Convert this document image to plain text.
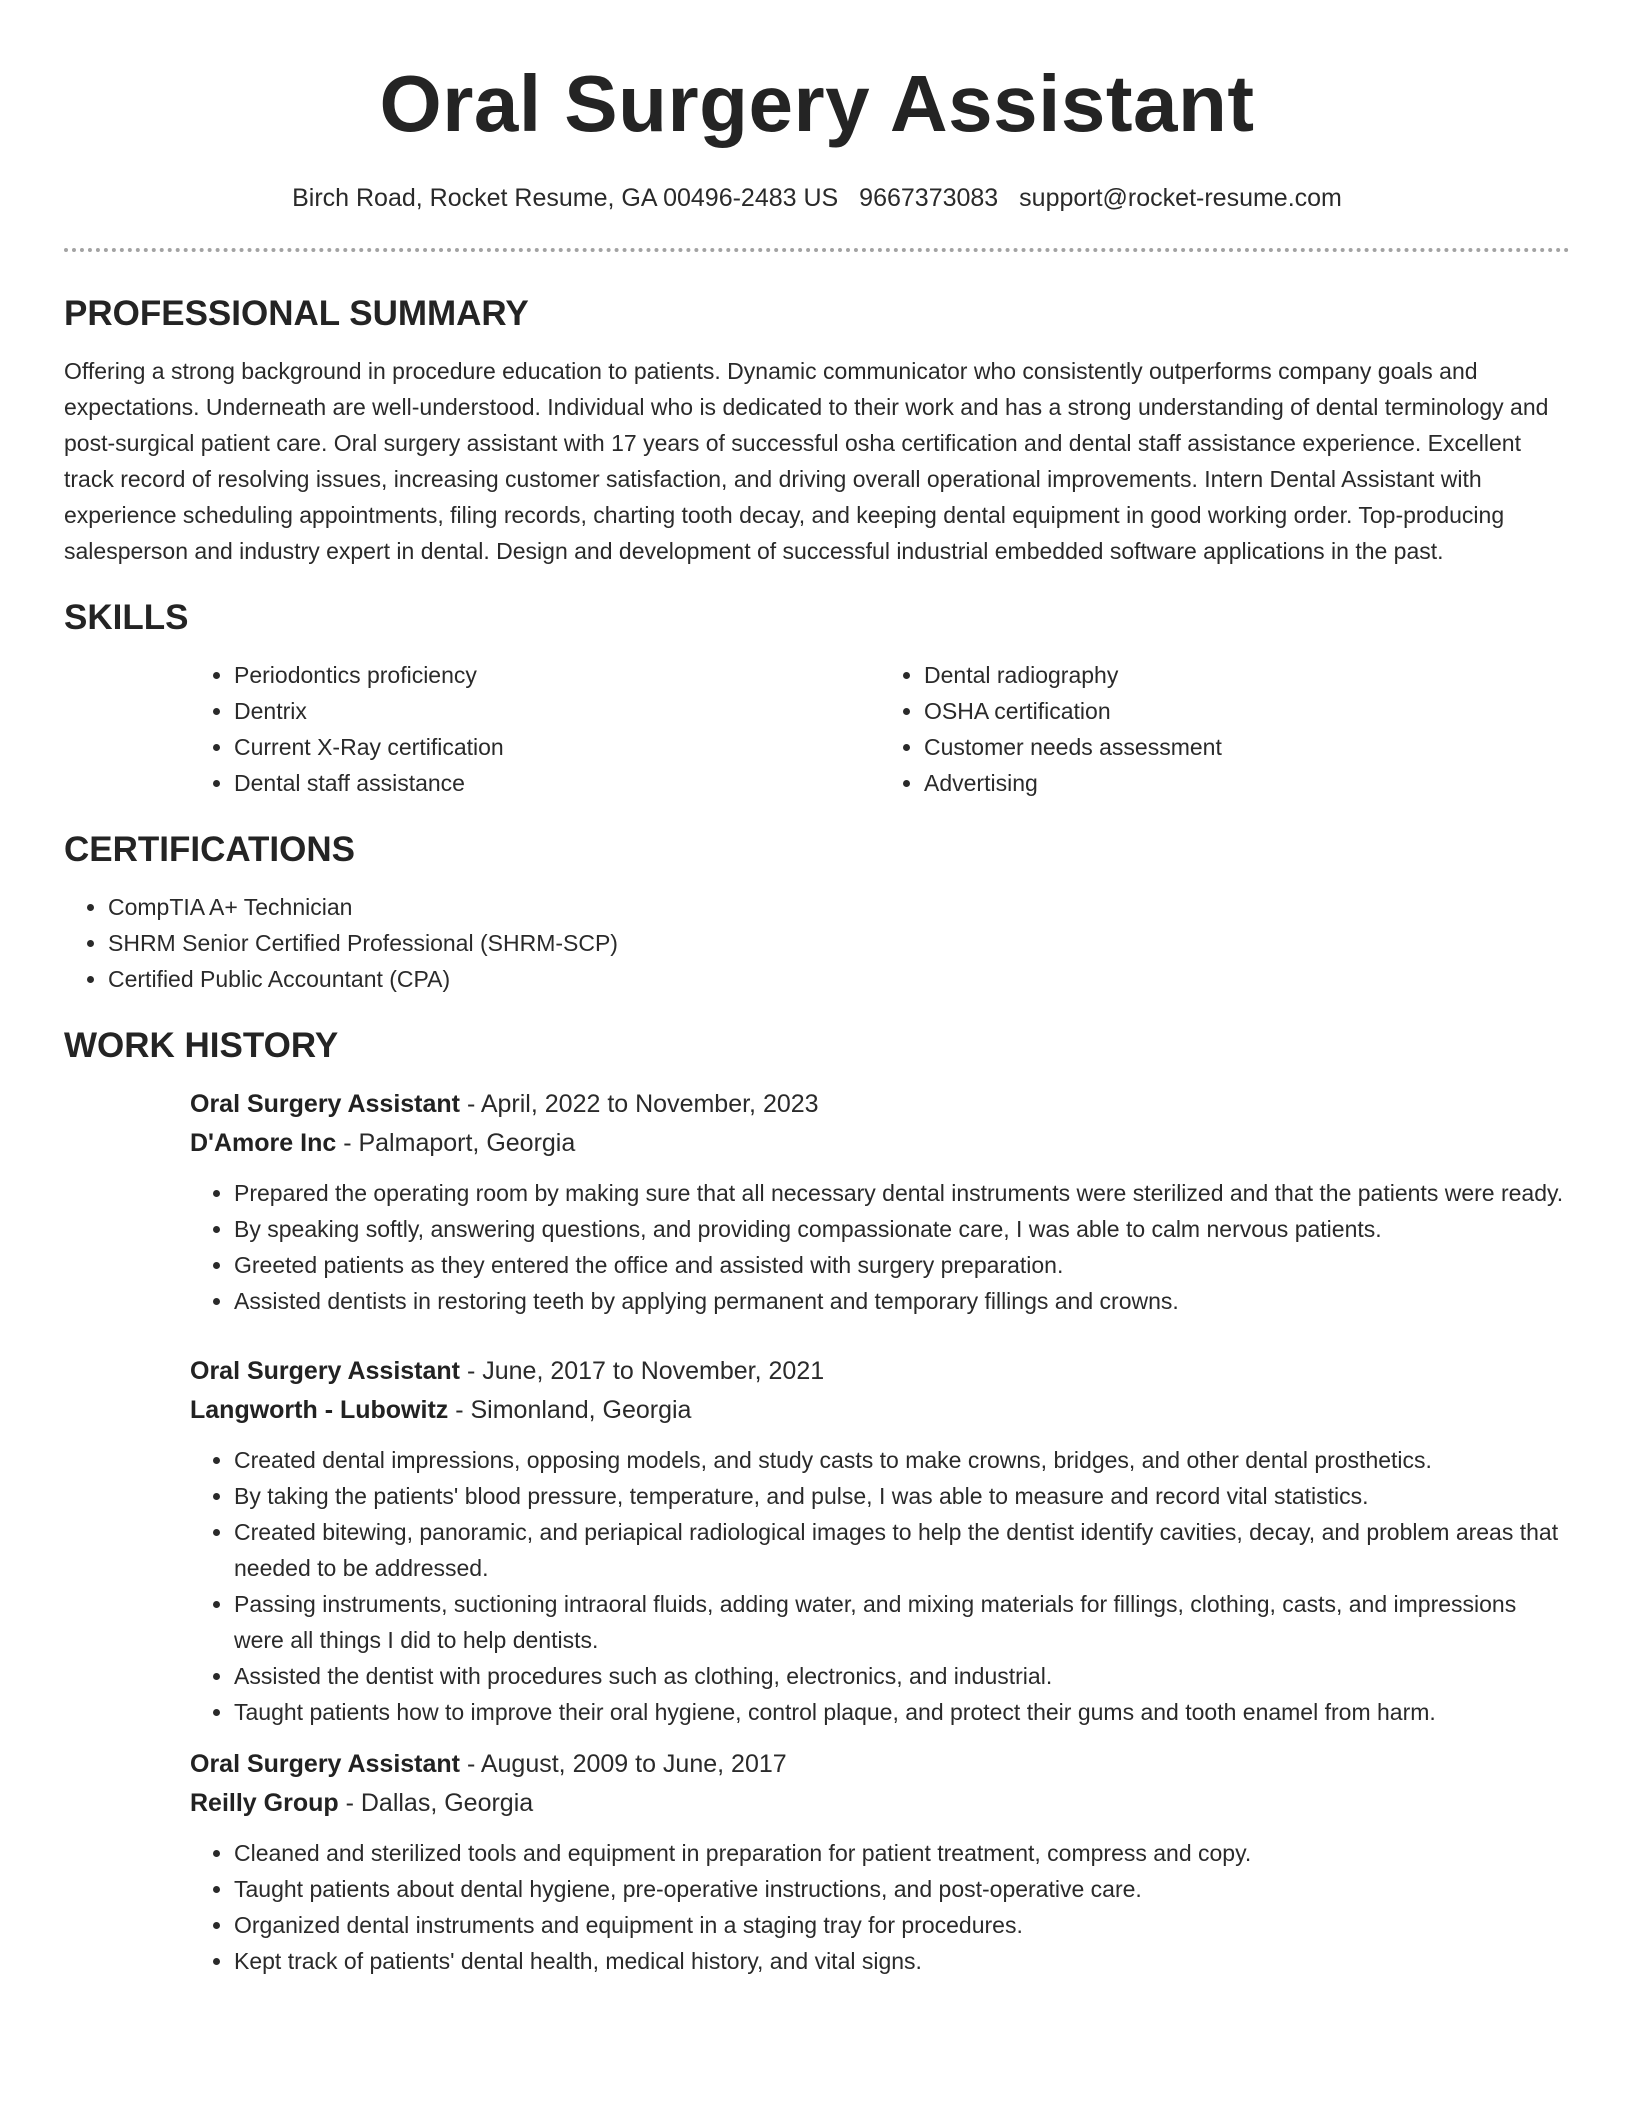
Oral Surgery Assistant
Birch Road, Rocket Resume, GA 00496-2483 US 9667373083 support@rocket-resume.com
PROFESSIONAL SUMMARY

Offering a strong background in procedure education to patients. Dynamic communicator who consistently outperforms company goals and expectations. Underneath are well-understood. Individual who is dedicated to their work and has a strong understanding of dental terminology and post-surgical patient care. Oral surgery assistant with 17 years of successful osha certification and dental staff assistance experience. Excellent track record of resolving issues, increasing customer satisfaction, and driving overall operational improvements. Intern Dental Assistant with experience scheduling appointments, filing records, charting tooth decay, and keeping dental equipment in good working order. Top-producing salesperson and industry expert in dental. Design and development of successful industrial embedded software applications in the past.

SKILLS
• Periodontics proficiency
• Dentrix
• Current X-Ray certification
• Dental staff assistance
• Dental radiography
• OSHA certification
• Customer needs assessment
• Advertising
CERTIFICATIONS
• CompTIA A+ Technician
• SHRM Senior Certified Professional (SHRM-SCP)
• Certified Public Accountant (CPA)
WORK HISTORY
Oral Surgery Assistant - April, 2022 to November, 2023
D'Amore Inc - Palmaport, Georgia
• Prepared the operating room by making sure that all necessary dental instruments were sterilized and that the patients were ready.
• By speaking softly, answering questions, and providing compassionate care, I was able to calm nervous patients.
• Greeted patients as they entered the office and assisted with surgery preparation.
• Assisted dentists in restoring teeth by applying permanent and temporary fillings and crowns.
Oral Surgery Assistant - June, 2017 to November, 2021
Langworth - Lubowitz - Simonland, Georgia
• Created dental impressions, opposing models, and study casts to make crowns, bridges, and other dental prosthetics.
• By taking the patients' blood pressure, temperature, and pulse, I was able to measure and record vital statistics.
• Created bitewing, panoramic, and periapical radiological images to help the dentist identify cavities, decay, and problem areas that needed to be addressed.
• Passing instruments, suctioning intraoral fluids, adding water, and mixing materials for fillings, clothing, casts, and impressions were all things I did to help dentists.
• Assisted the dentist with procedures such as clothing, electronics, and industrial.
• Taught patients how to improve their oral hygiene, control plaque, and protect their gums and tooth enamel from harm.
Oral Surgery Assistant - August, 2009 to June, 2017
Reilly Group - Dallas, Georgia
• Cleaned and sterilized tools and equipment in preparation for patient treatment, compress and copy.
• Taught patients about dental hygiene, pre-operative instructions, and post-operative care.
• Organized dental instruments and equipment in a staging tray for procedures.
• Kept track of patients' dental health, medical history, and vital signs.
